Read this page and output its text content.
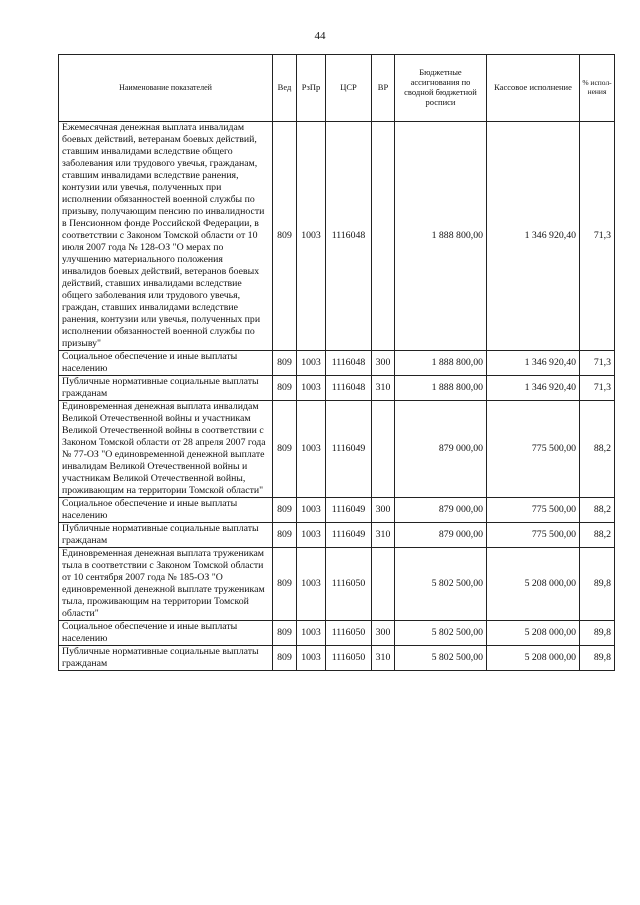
44
Наименование показателей	Вед	РзПр	ЦСР	ВР	Бюджетные ассигнования по сводной бюджетной росписи	Кассовое исполнение	% испол-нения
Ежемесячная денежная выплата инвалидам боевых действий, ветеранам боевых действий, ставшим инвалидами вследствие общего заболевания или трудового увечья, гражданам, ставшим инвалидами вследствие ранения, контузии или увечья, полученных при исполнении обязанностей военной службы по призыву, получающим пенсию по инвалидности в Пенсионном фонде Российской Федерации, в соответствии с Законом Томской области от 10 июля 2007 года № 128-ОЗ "О мерах по улучшению материального положения инвалидов боевых действий, ветеранов боевых действий, ставших инвалидами вследствие общего заболевания или трудового увечья, граждан, ставших инвалидами вследствие ранения, контузии или увечья, полученных при исполнении обязанностей военной службы по призыву"	809	1003	1116048		1 888 800,00	1 346 920,40	71,3
Социальное обеспечение и иные выплаты населению	809	1003	1116048	300	1 888 800,00	1 346 920,40	71,3
Публичные нормативные социальные выплаты гражданам	809	1003	1116048	310	1 888 800,00	1 346 920,40	71,3
Единовременная денежная выплата инвалидам Великой Отечественной войны и участникам Великой Отечественной войны в соответствии с Законом Томской области от 28 апреля 2007 года № 77-ОЗ "О единовременной денежной выплате инвалидам Великой Отечественной войны и участникам Великой Отечественной войны, проживающим на территории Томской области"	809	1003	1116049		879 000,00	775 500,00	88,2
Социальное обеспечение и иные выплаты населению	809	1003	1116049	300	879 000,00	775 500,00	88,2
Публичные нормативные социальные выплаты гражданам	809	1003	1116049	310	879 000,00	775 500,00	88,2
Единовременная денежная выплата труженикам тыла в соответствии с Законом Томской области от 10 сентября 2007 года № 185-ОЗ "О единовременной денежной выплате труженикам тыла, проживающим на территории Томской области"	809	1003	1116050		5 802 500,00	5 208 000,00	89,8
Социальное обеспечение и иные выплаты населению	809	1003	1116050	300	5 802 500,00	5 208 000,00	89,8
Публичные нормативные социальные выплаты гражданам	809	1003	1116050	310	5 802 500,00	5 208 000,00	89,8
